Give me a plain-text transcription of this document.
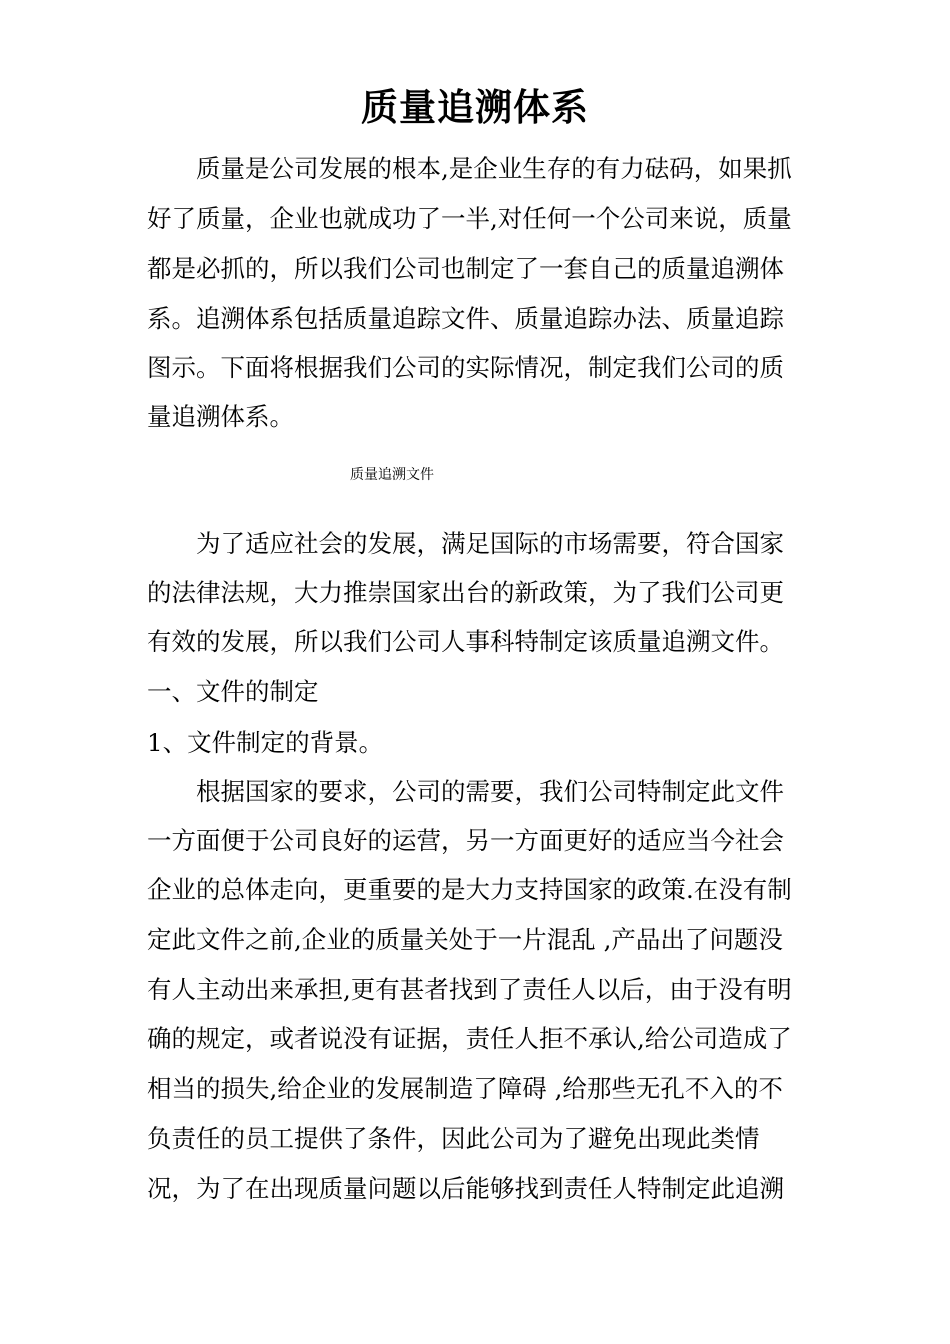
质量追溯体系
　　质量是公司发展的根本,是企业生存的有力砝码，如果抓
好了质量，企业也就成功了一半,对任何一个公司来说，质量
都是必抓的，所以我们公司也制定了一套自己的质量追溯体
系。追溯体系包括质量追踪文件、质量追踪办法、质量追踪
图示。下面将根据我们公司的实际情况，制定我们公司的质
量追溯体系。
质量追溯文件
　　为了适应社会的发展，满足国际的市场需要，符合国家
的法律法规，大力推崇国家出台的新政策，为了我们公司更
有效的发展，所以我们公司人事科特制定该质量追溯文件。
一、文件的制定
1、文件制定的背景。
　　根据国家的要求，公司的需要，我们公司特制定此文件
一方面便于公司良好的运营，另一方面更好的适应当今社会
企业的总体走向，更重要的是大力支持国家的政策.在没有制
定此文件之前,企业的质量关处于一片混乱 ,产品出了问题没
有人主动出来承担,更有甚者找到了责任人以后，由于没有明
确的规定，或者说没有证据，责任人拒不承认,给公司造成了
相当的损失,给企业的发展制造了障碍 ,给那些无孔不入的不
负责任的员工提供了条件，因此公司为了避免出现此类情
况，为了在出现质量问题以后能够找到责任人特制定此追溯
